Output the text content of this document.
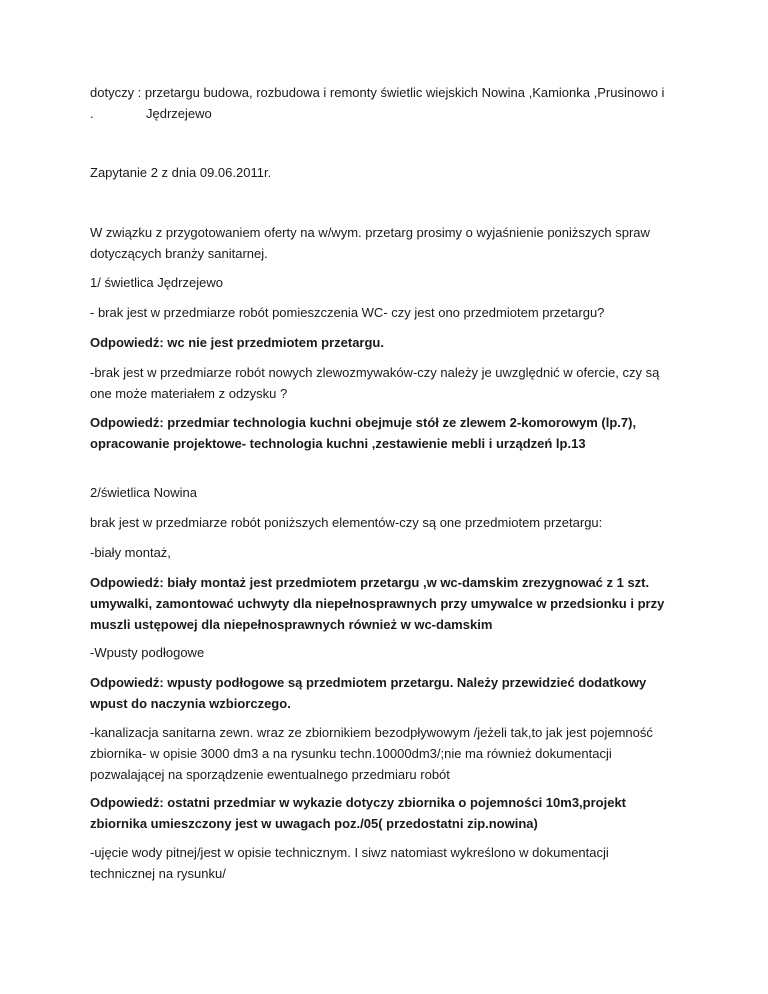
dotyczy : przetargu budowa, rozbudowa i remonty świetlic wiejskich Nowina ,Kamionka ,Prusinowo i
.	Jędrzejewo

Zapytanie 2 z dnia 09.06.2011r.

W związku z przygotowaniem oferty na w/wym. przetarg prosimy o wyjaśnienie poniższych spraw dotyczących branży sanitarnej.

1/ świetlica Jędrzejewo

- brak jest w przedmiarze robót pomieszczenia WC- czy jest ono przedmiotem przetargu?

Odpowiedź: wc nie jest przedmiotem przetargu.

-brak jest w przedmiarze robót nowych zlewozmywaków-czy należy je uwzględnić w ofercie, czy są one może materiałem z odzysku ?

Odpowiedź: przedmiar technologia kuchni obejmuje stół ze zlewem 2-komorowym (lp.7), opracowanie projektowe- technologia kuchni ,zestawienie mebli i urządzeń lp.13

2/świetlica Nowina

brak jest w przedmiarze robót poniższych elementów-czy są one przedmiotem przetargu:

-biały montaż,

Odpowiedź: biały montaż jest przedmiotem przetargu ,w wc-damskim zrezygnować z 1 szt. umywalki, zamontować uchwyty dla niepełnosprawnych przy umywalce w przedsionku i przy muszli ustępowej dla niepełnosprawnych również w wc-damskim

-Wpusty podłogowe

Odpowiedź: wpusty podłogowe są przedmiotem przetargu. Należy przewidzieć dodatkowy wpust do naczynia wzbiorczego.

-kanalizacja sanitarna zewn. wraz ze zbiornikiem bezodpływowym /jeżeli tak,to jak jest pojemność zbiornika- w opisie 3000 dm3 a na rysunku techn.10000dm3/;nie ma również dokumentacji pozwalającej na sporządzenie ewentualnego przedmiaru robót

Odpowiedź: ostatni przedmiar w wykazie dotyczy zbiornika o pojemności 10m3,projekt zbiornika umieszczony jest w uwagach poz./05( przedostatni zip.nowina)

-ujęcie wody pitnej/jest w opisie technicznym. I siwz natomiast wykreślono w dokumentacji technicznej na rysunku/
